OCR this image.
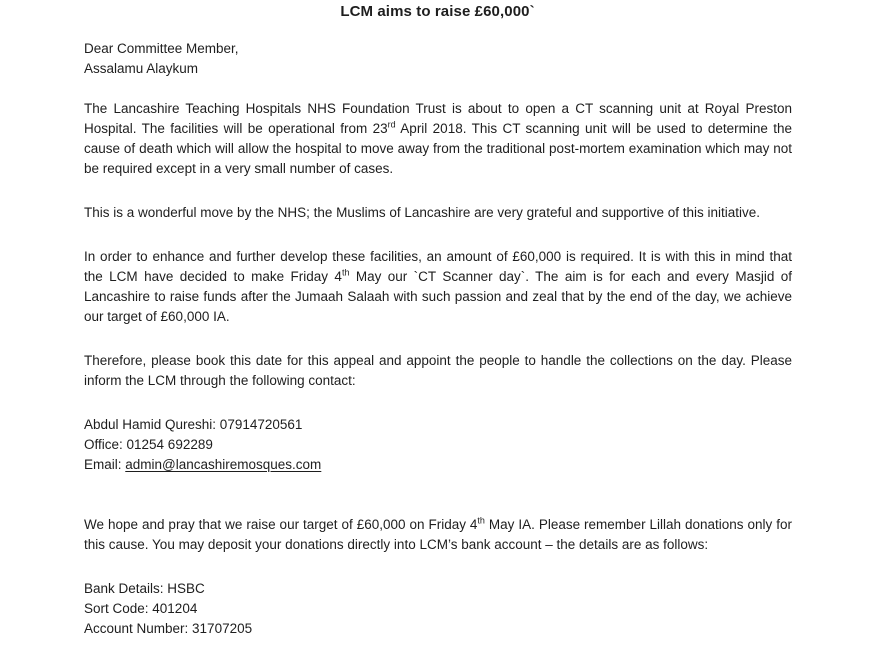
LCM aims to raise £60,000`
Dear Committee Member,
Assalamu Alaykum
The Lancashire Teaching Hospitals NHS Foundation Trust is about to open a CT scanning unit at Royal Preston Hospital. The facilities will be operational from 23rd April 2018. This CT scanning unit will be used to determine the cause of death which will allow the hospital to move away from the traditional post-mortem examination which may not be required except in a very small number of cases.
This is a wonderful move by the NHS; the Muslims of Lancashire are very grateful and supportive of this initiative.
In order to enhance and further develop these facilities, an amount of £60,000 is required. It is with this in mind that the LCM have decided to make Friday 4th May our `CT Scanner day`. The aim is for each and every Masjid of Lancashire to raise funds after the Jumaah Salaah with such passion and zeal that by the end of the day, we achieve our target of £60,000 IA.
Therefore, please book this date for this appeal and appoint the people to handle the collections on the day. Please inform the LCM through the following contact:
Abdul Hamid Qureshi: 07914720561
Office: 01254 692289
Email: admin@lancashiremosques.com
We hope and pray that we raise our target of £60,000 on Friday 4th May IA. Please remember Lillah donations only for this cause. You may deposit your donations directly into LCM’s bank account – the details are as follows:
Bank Details: HSBC
Sort Code: 401204
Account Number: 31707205
